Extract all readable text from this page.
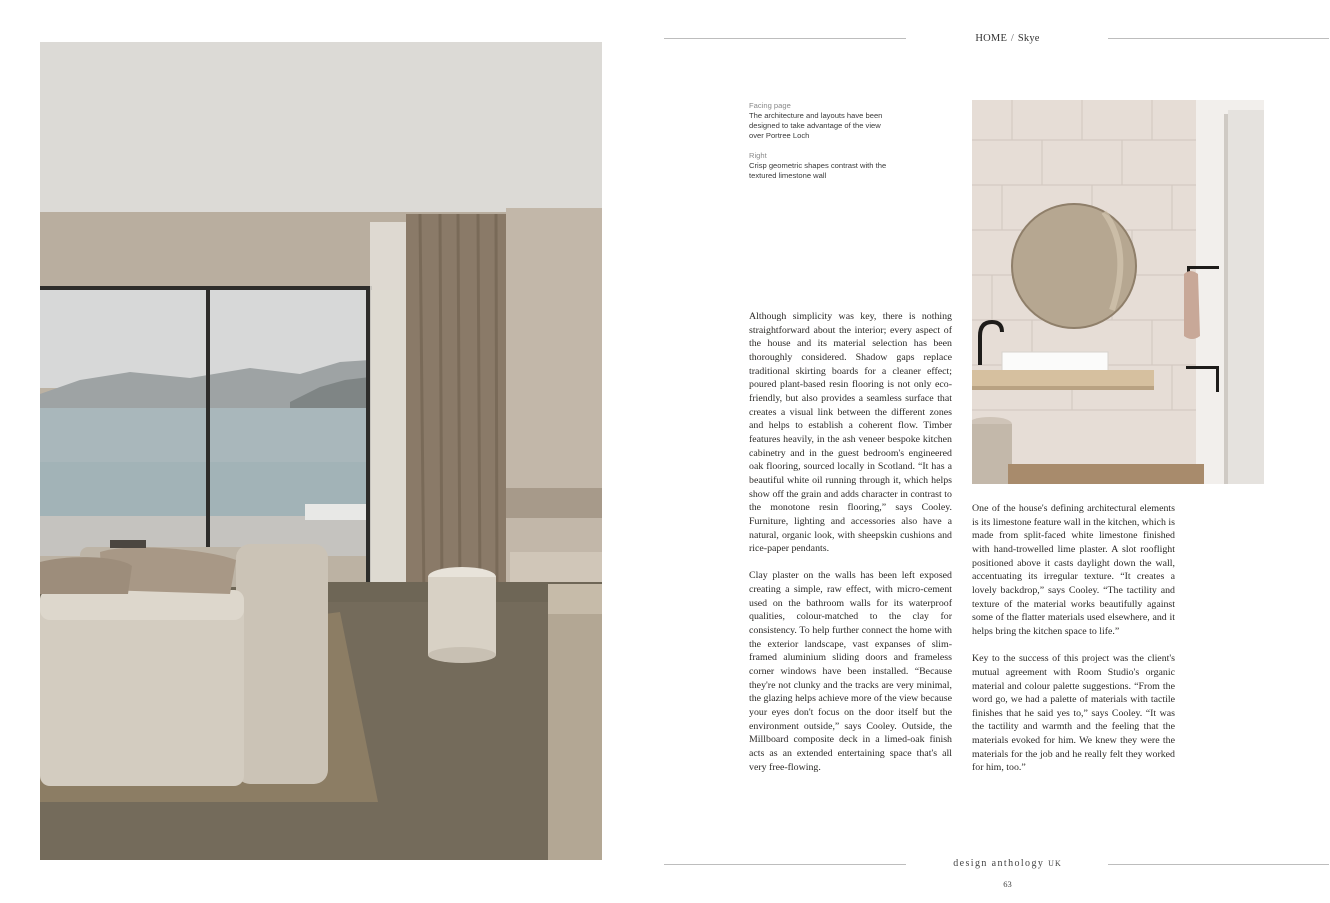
HOME / Skye
Facing page
The architecture and layouts have been designed to take advantage of the view over Portree Loch
Right
Crisp geometric shapes contrast with the textured limestone wall

Although simplicity was key, there is nothing straightforward about the interior; every aspect of the house and its material selection has been thoroughly considered. Shadow gaps replace traditional skirting boards for a cleaner effect; poured plant-based resin flooring is not only eco-friendly, but also provides a seamless surface that creates a visual link between the different zones and helps to establish a coherent flow. Timber features heavily, in the ash veneer bespoke kitchen cabinetry and in the guest bedroom's engineered oak flooring, sourced locally in Scotland. “It has a beautiful white oil running through it, which helps show off the grain and adds character in contrast to the monotone resin flooring,” says Cooley. Furniture, lighting and accessories also have a natural, organic look, with sheepskin cushions and rice-paper pendants.

Clay plaster on the walls has been left exposed creating a simple, raw effect, with micro-cement used on the bathroom walls for its waterproof qualities, colour-matched to the clay for consistency. To help further connect the home with the exterior landscape, vast expanses of slim-framed aluminium sliding doors and frameless corner windows have been installed. “Because they're not clunky and the tracks are very minimal, the glazing helps achieve more of the view because your eyes don't focus on the door itself but the environment outside,” says Cooley. Outside, the Millboard composite deck in a limed-oak finish acts as an extended entertaining space that's all very free-flowing.

One of the house's defining architectural elements is its limestone feature wall in the kitchen, which is made from split-faced white limestone finished with hand-trowelled lime plaster. A slot rooflight positioned above it casts daylight down the wall, accentuating its irregular texture. “It creates a lovely backdrop,” says Cooley. “The tactility and texture of the material works beautifully against some of the flatter materials used elsewhere, and it helps bring the kitchen space to life.”

Key to the success of this project was the client's mutual agreement with Room Studio's organic material and colour palette suggestions. “From the word go, we had a palette of materials with tactile finishes that he said yes to,” says Cooley. “It was the tactility and warmth and the feeling that the materials evoked for him. We knew they were the materials for the job and he really felt they worked for him, too.”

design anthology UK
63
